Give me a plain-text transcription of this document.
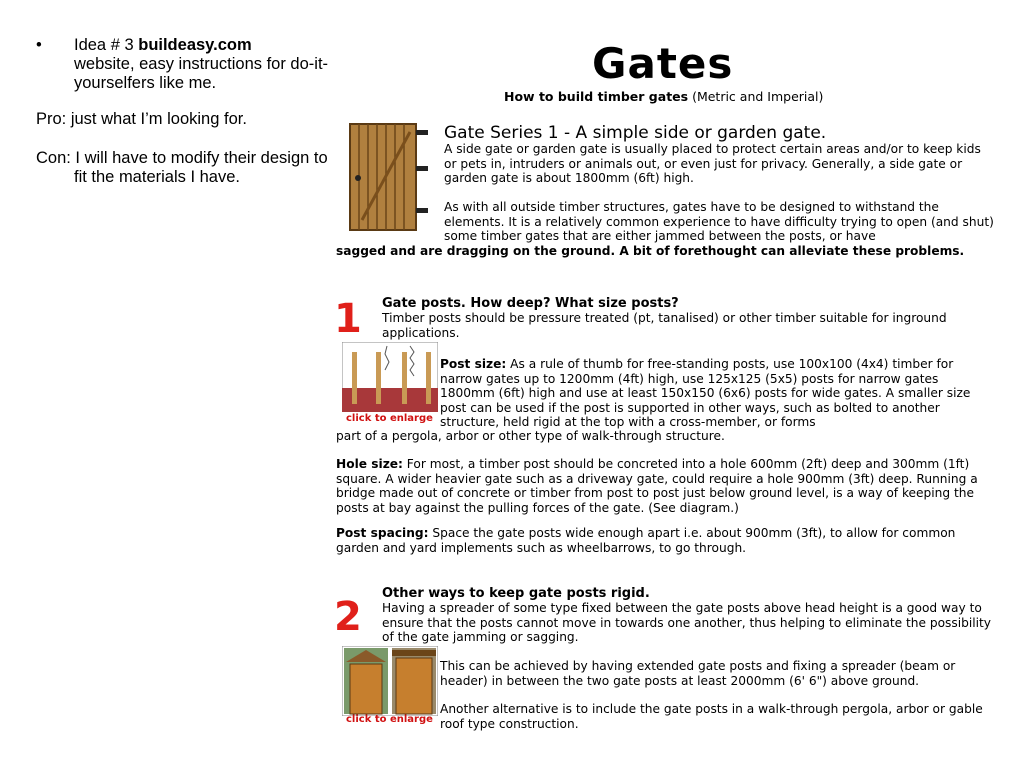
•	Idea # 3 buildeasy.com
website, easy instructions for do-it-yourselfers like me.

Pro: just what I’m looking for.

Con: I will have to modify their design to fit the materials I have.

Gates
How to build timber gates (Metric and Imperial)
Gate Series 1 - A simple side or garden gate.
A side gate or garden gate is usually placed to protect certain areas and/or to keep kids or pets in, intruders or animals out, or even just for privacy. Generally, a side gate or garden gate is about 1800mm (6ft) high.
As with all outside timber structures, gates have to be designed to withstand the elements. It is a relatively common experience to have difficulty trying to open (and shut) some timber gates that are either jammed between the posts, or have
sagged and are dragging on the ground. A bit of forethought can alleviate these problems.
1 Gate posts. How deep? What size posts?
Timber posts should be pressure treated (pt, tanalised) or other timber suitable for inground applications.
click to enlarge
Post size: As a rule of thumb for free-standing posts, use 100x100 (4x4) timber for narrow gates up to 1200mm (4ft) high, use 125x125 (5x5) posts for narrow gates 1800mm (6ft) high and use at least 150x150 (6x6) posts for wide gates. A smaller size post can be used if the post is supported in other ways, such as bolted to another structure, held rigid at the top with a cross-member, or forms
part of a pergola, arbor or other type of walk-through structure.
Hole size: For most, a timber post should be concreted into a hole 600mm (2ft) deep and 300mm (1ft) square. A wider heavier gate such as a driveway gate, could require a hole 900mm (3ft) deep. Running a bridge made out of concrete or timber from post to post just below ground level, is a way of keeping the posts at bay against the pulling forces of the gate. (See diagram.)
Post spacing: Space the gate posts wide enough apart i.e. about 900mm (3ft), to allow for common garden and yard implements such as wheelbarrows, to go through.
2
Other ways to keep gate posts rigid.
Having a spreader of some type fixed between the gate posts above head height is a good way to ensure that the posts cannot move in towards one another, thus helping to eliminate the possibility of the gate jamming or sagging.
click to enlarge
This can be achieved by having extended gate posts and fixing a spreader (beam or header) in between the two gate posts at least 2000mm (6' 6") above ground.
Another alternative is to include the gate posts in a walk-through pergola, arbor or gable roof type construction.
